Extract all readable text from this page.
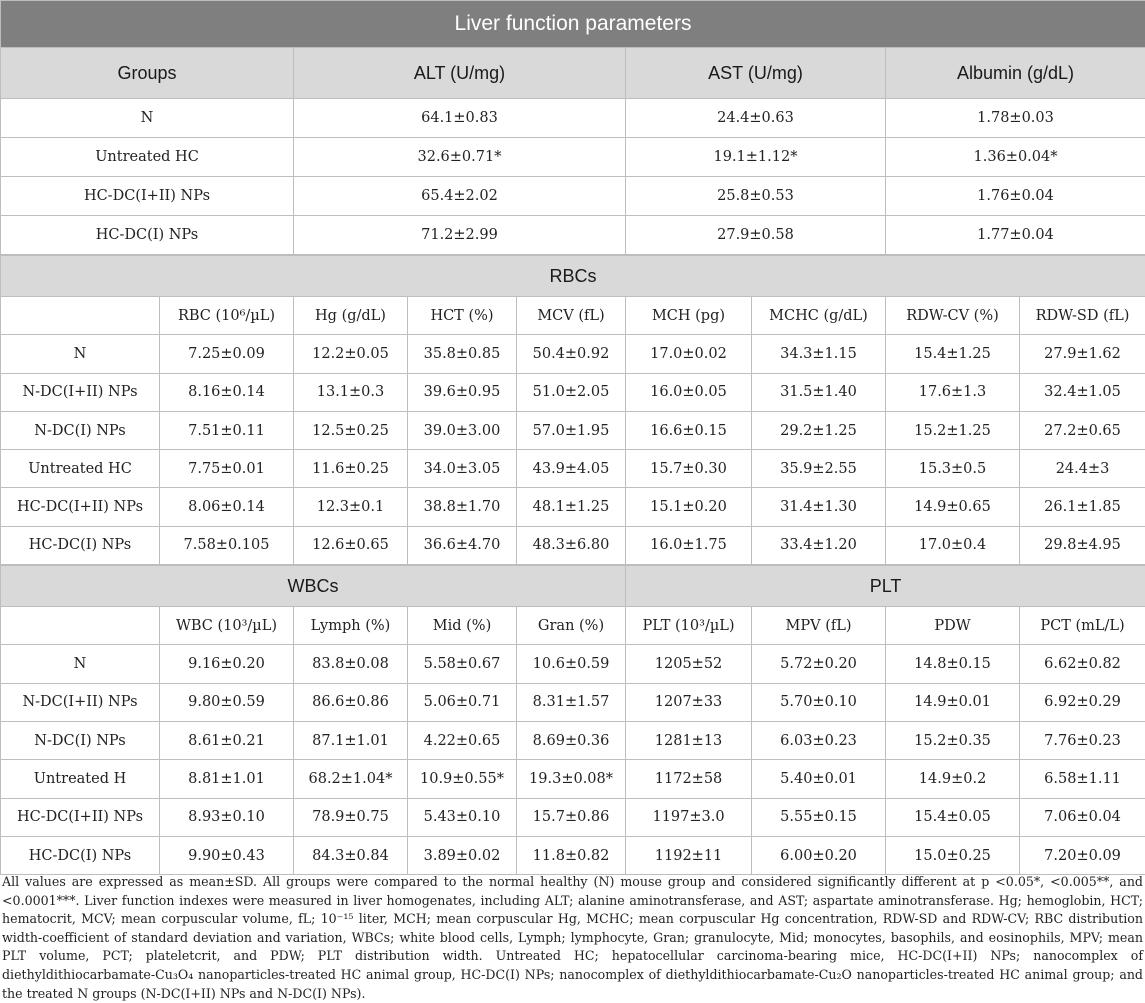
Liver function parameters			
Groups	ALT (U/mg)	AST (U/mg)	Albumin (g/dL)
N	64.1±0.83	24.4±0.63	1.78±0.03
Untreated HC	32.6±0.71*	19.1±1.12*	1.36±0.04*
HC-DC(I+II) NPs	65.4±2.02	25.8±0.53	1.76±0.04
HC-DC(I) NPs	71.2±2.99	27.9±0.58	1.77±0.04
RBCs								
	RBC (10⁶/µL)	Hg (g/dL)	HCT (%)	MCV (fL)	MCH (pg)	MCHC (g/dL)	RDW-CV (%)	RDW-SD (fL)
N	7.25±0.09	12.2±0.05	35.8±0.85	50.4±0.92	17.0±0.02	34.3±1.15	15.4±1.25	27.9±1.62
N-DC(I+II) NPs	8.16±0.14	13.1±0.3	39.6±0.95	51.0±2.05	16.0±0.05	31.5±1.40	17.6±1.3	32.4±1.05
N-DC(I) NPs	7.51±0.11	12.5±0.25	39.0±3.00	57.0±1.95	16.6±0.15	29.2±1.25	15.2±1.25	27.2±0.65
Untreated HC	7.75±0.01	11.6±0.25	34.0±3.05	43.9±4.05	15.7±0.30	35.9±2.55	15.3±0.5	24.4±3
HC-DC(I+II) NPs	8.06±0.14	12.3±0.1	38.8±1.70	48.1±1.25	15.1±0.20	31.4±1.30	14.9±0.65	26.1±1.85
HC-DC(I) NPs	7.58±0.105	12.6±0.65	36.6±4.70	48.3±6.80	16.0±1.75	33.4±1.20	17.0±0.4	29.8±4.95
WBCs					PLT			
	WBC (10³/µL)	Lymph (%)	Mid (%)	Gran (%)	PLT (10³/µL)	MPV (fL)	PDW	PCT (mL/L)
N	9.16±0.20	83.8±0.08	5.58±0.67	10.6±0.59	1205±52	5.72±0.20	14.8±0.15	6.62±0.82
N-DC(I+II) NPs	9.80±0.59	86.6±0.86	5.06±0.71	8.31±1.57	1207±33	5.70±0.10	14.9±0.01	6.92±0.29
N-DC(I) NPs	8.61±0.21	87.1±1.01	4.22±0.65	8.69±0.36	1281±13	6.03±0.23	15.2±0.35	7.76±0.23
Untreated H	8.81±1.01	68.2±1.04*	10.9±0.55*	19.3±0.08*	1172±58	5.40±0.01	14.9±0.2	6.58±1.11
HC-DC(I+II) NPs	8.93±0.10	78.9±0.75	5.43±0.10	15.7±0.86	1197±3.0	5.55±0.15	15.4±0.05	7.06±0.04
HC-DC(I) NPs	9.90±0.43	84.3±0.84	3.89±0.02	11.8±0.82	1192±11	6.00±0.20	15.0±0.25	7.20±0.09
All values are expressed as mean±SD. All groups were compared to the normal healthy (N) mouse group and considered significantly different at p <0.05*, <0.005**, and <0.0001***. Liver function indexes were measured in liver homogenates, including ALT; alanine aminotransferase, and AST; aspartate aminotransferase. Hg; hemoglobin, HCT; hematocrit, MCV; mean corpuscular volume, fL; 10⁻¹⁵ liter, MCH; mean corpuscular Hg, MCHC; mean corpuscular Hg concentration, RDW-SD and RDW-CV; RBC distribution width-coefficient of standard deviation and variation, WBCs; white blood cells, Lymph; lymphocyte, Gran; granulocyte, Mid; monocytes, basophils, and eosinophils, MPV; mean PLT volume, PCT; plateletcrit, and PDW; PLT distribution width. Untreated HC; hepatocellular carcinoma-bearing mice, HC-DC(I+II) NPs; nanocomplex of diethyldithiocarbamate-Cu₃O₄ nanoparticles-treated HC animal group, HC-DC(I) NPs; nanocomplex of diethyldithiocarbamate-Cu₂O nanoparticles-treated HC animal group; and the treated N groups (N-DC(I+II) NPs and N-DC(I) NPs).
